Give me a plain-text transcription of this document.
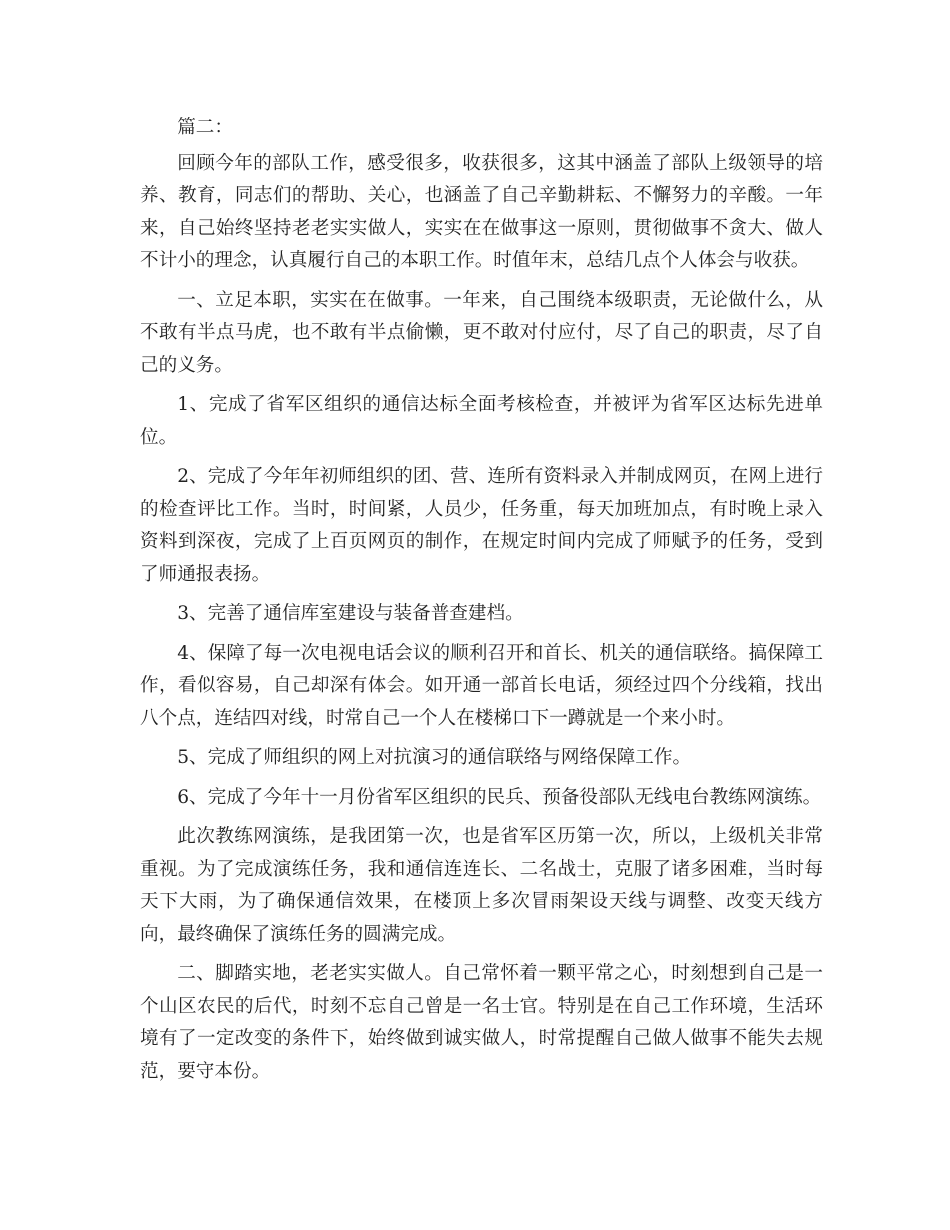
篇二：

回顾今年的部队工作，感受很多，收获很多，这其中涵盖了部队上级领导的培养、教育，同志们的帮助、关心，也涵盖了自己辛勤耕耘、不懈努力的辛酸。一年来，自己始终坚持老老实实做人，实实在在做事这一原则，贯彻做事不贪大、做人不计小的理念，认真履行自己的本职工作。时值年末，总结几点个人体会与收获。

一、立足本职，实实在在做事。一年来，自己围绕本级职责，无论做什么，从不敢有半点马虎，也不敢有半点偷懒，更不敢对付应付，尽了自己的职责，尽了自己的义务。

1、完成了省军区组织的通信达标全面考核检查，并被评为省军区达标先进单位。

2、完成了今年年初师组织的团、营、连所有资料录入并制成网页，在网上进行的检查评比工作。当时，时间紧，人员少，任务重，每天加班加点，有时晚上录入资料到深夜，完成了上百页网页的制作，在规定时间内完成了师赋予的任务，受到了师通报表扬。

3、完善了通信库室建设与装备普查建档。

4、保障了每一次电视电话会议的顺利召开和首长、机关的通信联络。搞保障工作，看似容易，自己却深有体会。如开通一部首长电话，须经过四个分线箱，找出八个点，连结四对线，时常自己一个人在楼梯口下一蹲就是一个来小时。

5、完成了师组织的网上对抗演习的通信联络与网络保障工作。

6、完成了今年十一月份省军区组织的民兵、预备役部队无线电台教练网演练。

此次教练网演练，是我团第一次，也是省军区历第一次，所以，上级机关非常重视。为了完成演练任务，我和通信连连长、二名战士，克服了诸多困难，当时每天下大雨，为了确保通信效果，在楼顶上多次冒雨架设天线与调整、改变天线方向，最终确保了演练任务的圆满完成。

二、脚踏实地，老老实实做人。自己常怀着一颗平常之心，时刻想到自己是一个山区农民的后代，时刻不忘自己曾是一名士官。特别是在自己工作环境，生活环境有了一定改变的条件下，始终做到诚实做人，时常提醒自己做人做事不能失去规范，要守本份。
